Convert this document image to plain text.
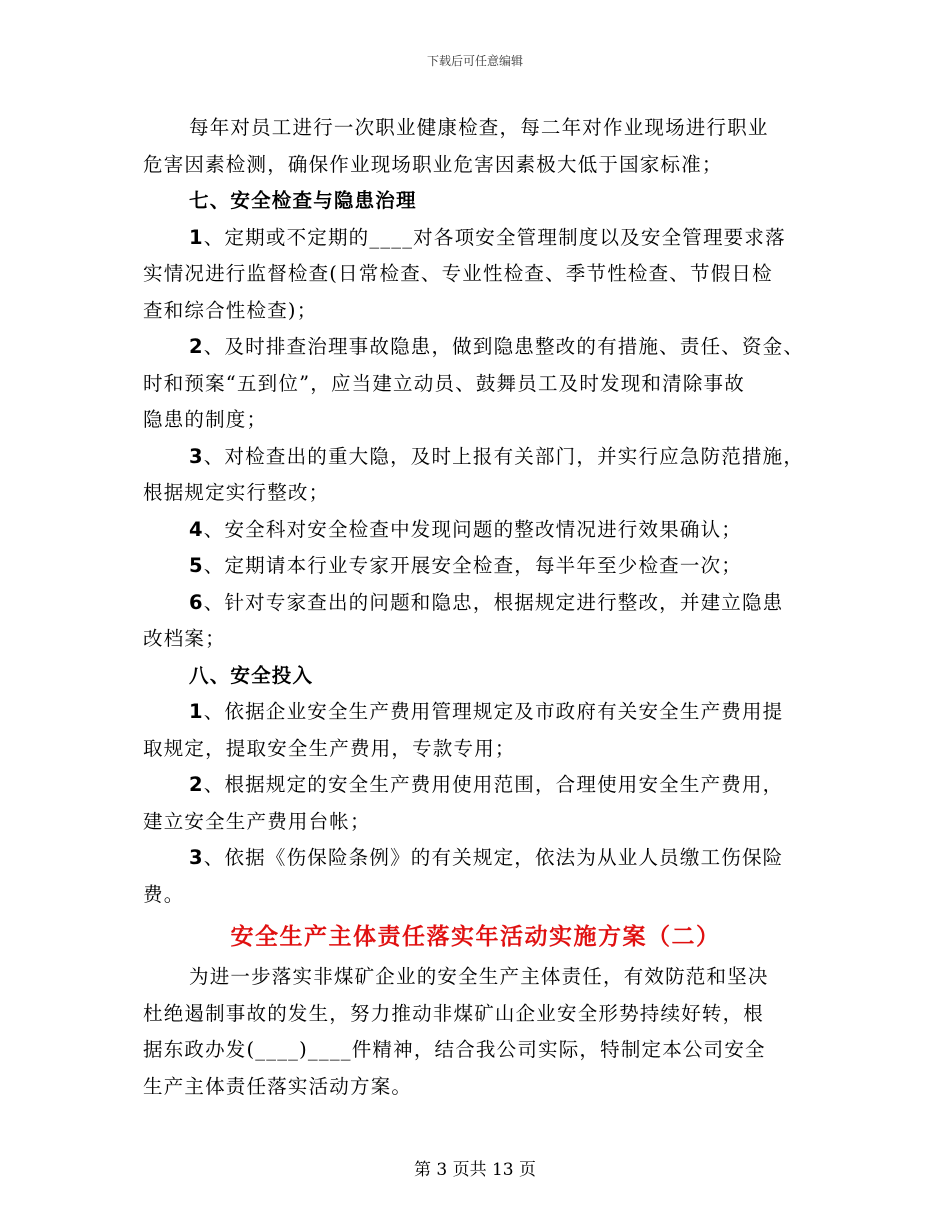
下载后可任意编辑

每年对员工进行一次职业健康检查，每二年对作业现场进行职业

危害因素检测，确保作业现场职业危害因素极大低于国家标准；

七、安全检查与隐患治理

1、定期或不定期的____对各项安全管理制度以及安全管理要求落

实情况进行监督检查(日常检查、专业性检查、季节性检查、节假日检

查和综合性检查)；

2、及时排查治理事故隐患，做到隐患整改的有措施、责任、资金、

时和预案“五到位”，应当建立动员、鼓舞员工及时发现和清除事故

隐患的制度；

3、对检查出的重大隐，及时上报有关部门，并实行应急防范措施，

根据规定实行整改；

4、安全科对安全检查中发现问题的整改情况进行效果确认；

5、定期请本行业专家开展安全检查，每半年至少检查一次；

6、针对专家查出的问题和隐忠，根据规定进行整改，并建立隐患

改档案；

八、安全投入

1、依据企业安全生产费用管理规定及市政府有关安全生产费用提

取规定，提取安全生产费用，专款专用；

2、根据规定的安全生产费用使用范围，合理使用安全生产费用，

建立安全生产费用台帐；

3、依据《伤保险条例》的有关规定，依法为从业人员缴工伤保险

费。

安全生产主体责任落实年活动实施方案（二）

为进一步落实非煤矿企业的安全生产主体责任，有效防范和坚决

杜绝遏制事故的发生，努力推动非煤矿山企业安全形势持续好转，根

据东政办发(____)____件精神，结合我公司实际，特制定本公司安全

生产主体责任落实活动方案。

第 3 页共 13 页
